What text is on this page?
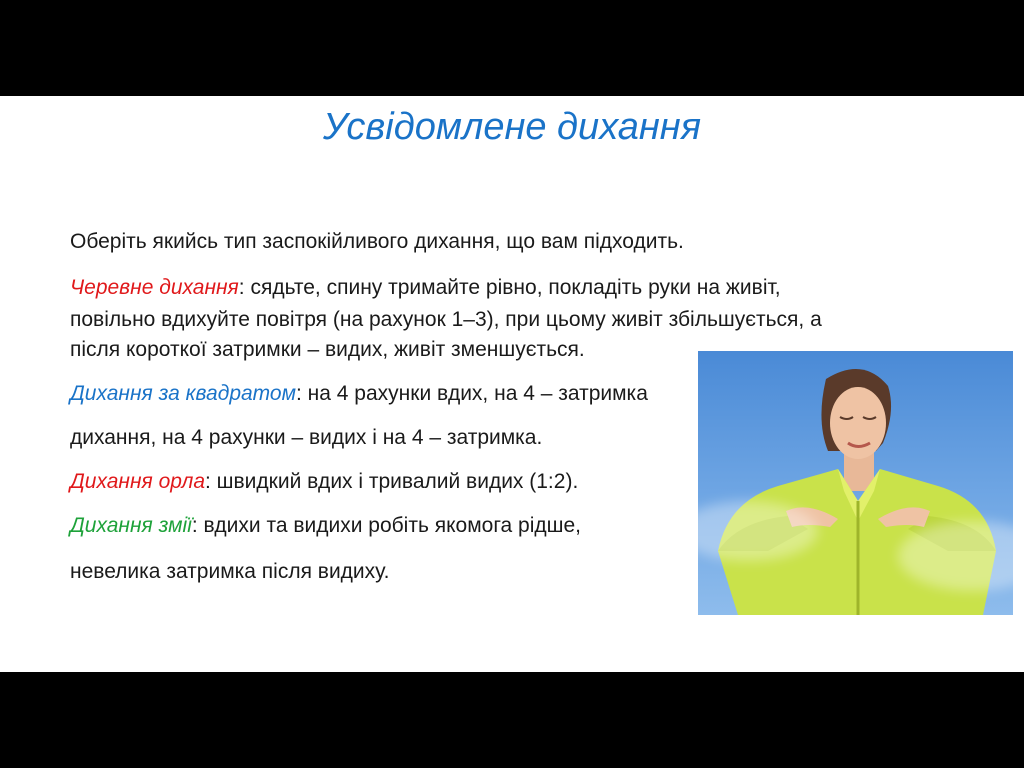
Усвідомлене дихання

Оберіть якийсь тип заспокійливого дихання, що вам підходить.

Черевне дихання: сядьте, спину тримайте рівно, покладіть руки на живіт,

повільно вдихуйте повітря (на рахунок 1–3), при цьому живіт збільшується, а

після короткої затримки – видих, живіт зменшується.

Дихання за квадратом: на 4 рахунки вдих, на 4 – затримка

дихання, на 4 рахунки – видих і на 4 – затримка.

Дихання орла: швидкий вдих і тривалий видих (1:2).

Дихання змії: вдихи та видихи робіть якомога рідше,

невелика затримка після видиху.
